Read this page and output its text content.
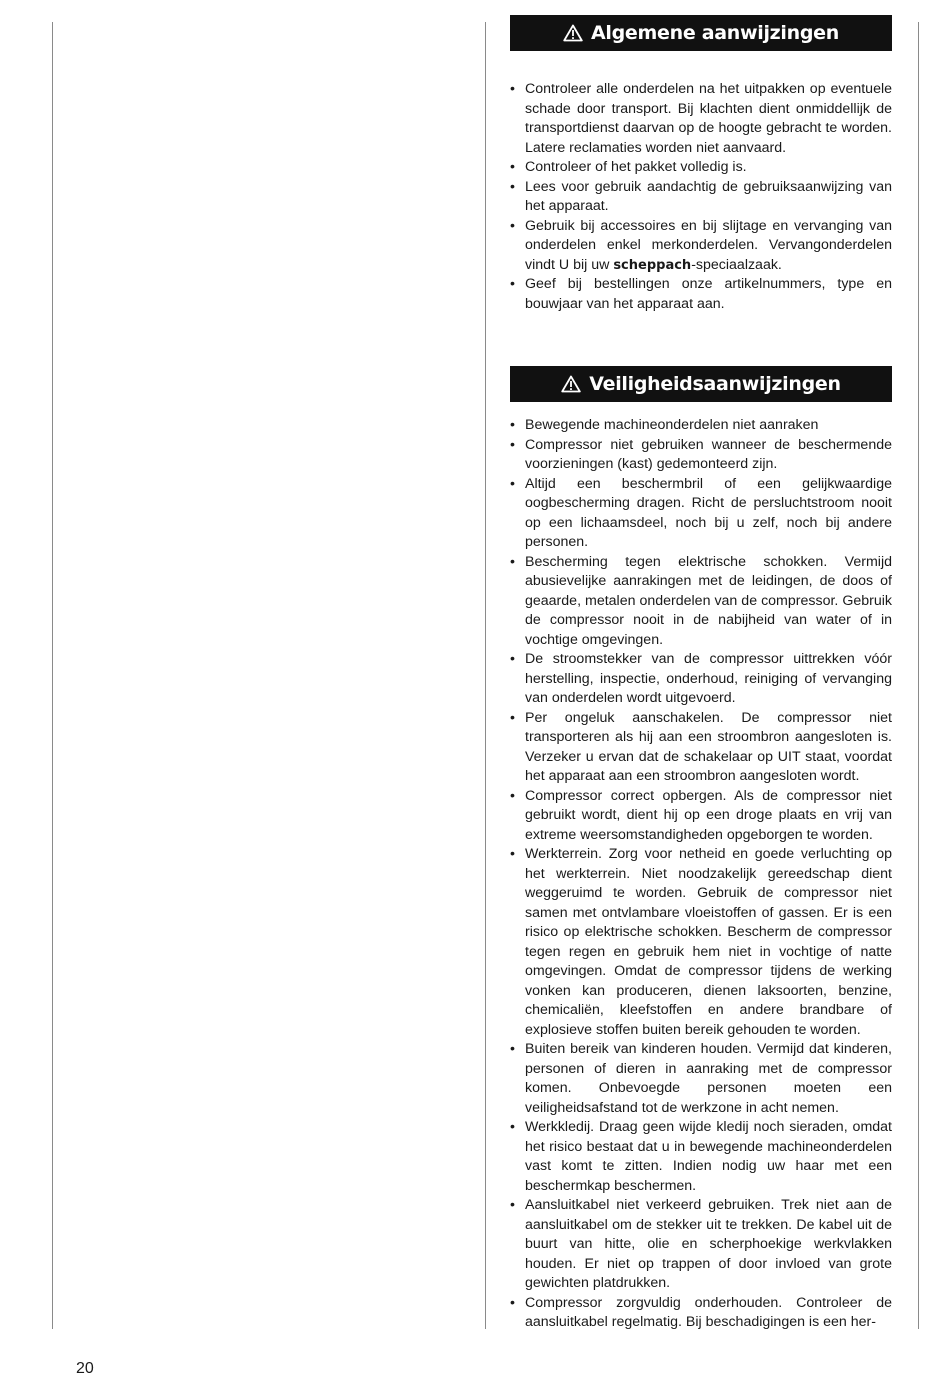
Algemene aanwijzingen
• Controleer alle onderdelen na het uitpakken op eventuele schade door transport. Bij klachten dient onmiddellijk de transportdienst daarvan op de hoogte gebracht te worden. Latere reclamaties worden niet aanvaard.
• Controleer of het pakket volledig is.
• Lees voor gebruik aandachtig de gebruiksaanwijzing van het apparaat.
• Gebruik bij accessoires en bij slijtage en vervanging van onderdelen enkel merkonderdelen. Vervangonderdelen vindt U bij uw scheppach-speciaalzaak.
• Geef bij bestellingen onze artikelnummers, type en bouwjaar van het apparaat aan.
Veiligheidsaanwijzingen
• Bewegende machineonderdelen niet aanraken
• Compressor niet gebruiken wanneer de beschermende voorzieningen (kast) gedemonteerd zijn.
• Altijd een beschermbril of een gelijkwaardige oogbescherming dragen. Richt de persluchtstroom nooit op een lichaamsdeel, noch bij u zelf, noch bij andere personen.
• Bescherming tegen elektrische schokken. Vermijd abusievelijke aanrakingen met de leidingen, de doos of geaarde, metalen onderdelen van de compressor. Gebruik de compressor nooit in de nabijheid van water of in vochtige omgevingen.
• De stroomstekker van de compressor uittrekken vóór herstelling, inspectie, onderhoud, reiniging of vervanging van onderdelen wordt uitgevoerd.
• Per ongeluk aanschakelen. De compressor niet transporteren als hij aan een stroombron aangesloten is. Verzeker u ervan dat de schakelaar op UIT staat, voordat het apparaat aan een stroombron aangesloten wordt.
• Compressor correct opbergen. Als de compressor niet gebruikt wordt, dient hij op een droge plaats en vrij van extreme weersomstandigheden opgeborgen te worden.
• Werkterrein. Zorg voor netheid en goede verluchting op het werkterrein. Niet noodzakelijk gereedschap dient weggeruimd te worden. Gebruik de compressor niet samen met ontvlambare vloeistoffen of gassen. Er is een risico op elektrische schokken. Bescherm de compressor tegen regen en gebruik hem niet in vochtige of natte omgevingen. Omdat de compressor tijdens de werking vonken kan produceren, dienen laksoorten, benzine, chemicaliën, kleefstoffen en andere brandbare of explosieve stoffen buiten bereik gehouden te worden.
• Buiten bereik van kinderen houden. Vermijd dat kinderen, personen of dieren in aanraking met de compressor komen. Onbevoegde personen moeten een veiligheidsafstand tot de werkzone in acht nemen.
• Werkkledij. Draag geen wijde kledij noch sieraden, omdat het risico bestaat dat u in bewegende machineonderdelen vast komt te zitten. Indien nodig uw haar met een beschermkap beschermen.
• Aansluitkabel niet verkeerd gebruiken. Trek niet aan de aansluitkabel om de stekker uit te trekken. De kabel uit de buurt van hitte, olie en scherphoekige werkvlakken houden. Er niet op trappen of door invloed van grote gewichten platdrukken.
• Compressor zorgvuldig onderhouden. Controleer de aansluitkabel regelmatig. Bij beschadigingen is een her-
20
